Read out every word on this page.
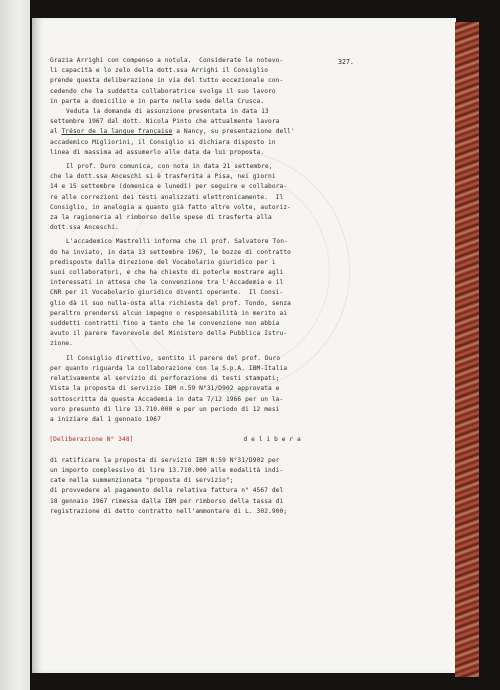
327.
Grazia Arrighi con compenso a notula.  Considerate le notevo-
li capacità e lo zelo della dott.ssa Arrighi il Consiglio
prende questa deliberazione in via del tutto eccezionale con-
cedendo che la suddetta collaboratrice svolga il suo lavoro
in parte a domicilio e in parte nella sede della Crusca.
Veduta la domanda di assunzione presentata in data 13
settembre 1967 dal dott. Nicola Pinto che attualmente lavora
al Trésor de la langue française a Nancy, su presentazione dell'
accademico Migliorini, il Consiglio si dichiara disposto in
linea di massima ad assumerlo alle data da lui proposta.
Il prof. Duro comunica, con nota in data 21 settembre,
che la dott.ssa Anceschi si è trasferita a Pisa, nei giorni
14 e 15 settembre (domenica e lunedì) per seguire e collabora-
re alle correzioni dei testi analizzati elettronicamente.  Il
Consiglio, in analogia a quanto già fatto altre volte, autoriz-
za la ragioneria al rimborso delle spese di trasferta alla
dott.ssa Anceschi.
L'accademico Mastrelli informa che il prof. Salvatore Ton-
do ha inviato, in data 13 settembre 1967, le bozze di contratto
predisposte dalla direzione del Vocabolario giuridico per i
suoi collaboratori, e che ha chiesto di poterle mostrare agli
interessati in attesa che la convenzione tra l'Accademia e il
CNR per il Vocabolario giuridico diventi operante.  Il Consi-
glio dà il suo nulla-osta alla richiesta del prof. Tondo, senza
peraltro prendersi alcun impegno o responsabilità in merito ai
suddetti contratti fino a tanto che le convenzione non abbia
avuto il parere favorevole del Ministero della Pubblica Istru-
zione.
Il Consiglio direttivo, sentito il parere del prof. Duro
per quanto riguarda la collaborazione con la S.p.A. IBM-Italia
relativamente al servizio di perforazione di testi stampati;
Vista la proposta di servizio IBM n.59 N°31/D902 approvata e
sottoscritta da questa Accademia in data 7/12 1966 per un la-
voro presunto di lire 13.710.000 e per un periodo di 12 mesi
a iniziare dal 1 gennaio 1967

[Deliberazione N° 348]	d e l i b e r a

di ratificare la proposta di servizio IBM N:59 N°31/D902 per
un importo complessivo di lire 13.710.000 alle modalità indi-
cate nella summenzionata "proposta di servizio";
di provvedere al pagamento della relativa fattura n° 4567 del
18 gennaio 1967 rimessa dalla IBM per rimborso della tassa di
registrazione di detto contratto nell'ammontare di L. 302.900;
